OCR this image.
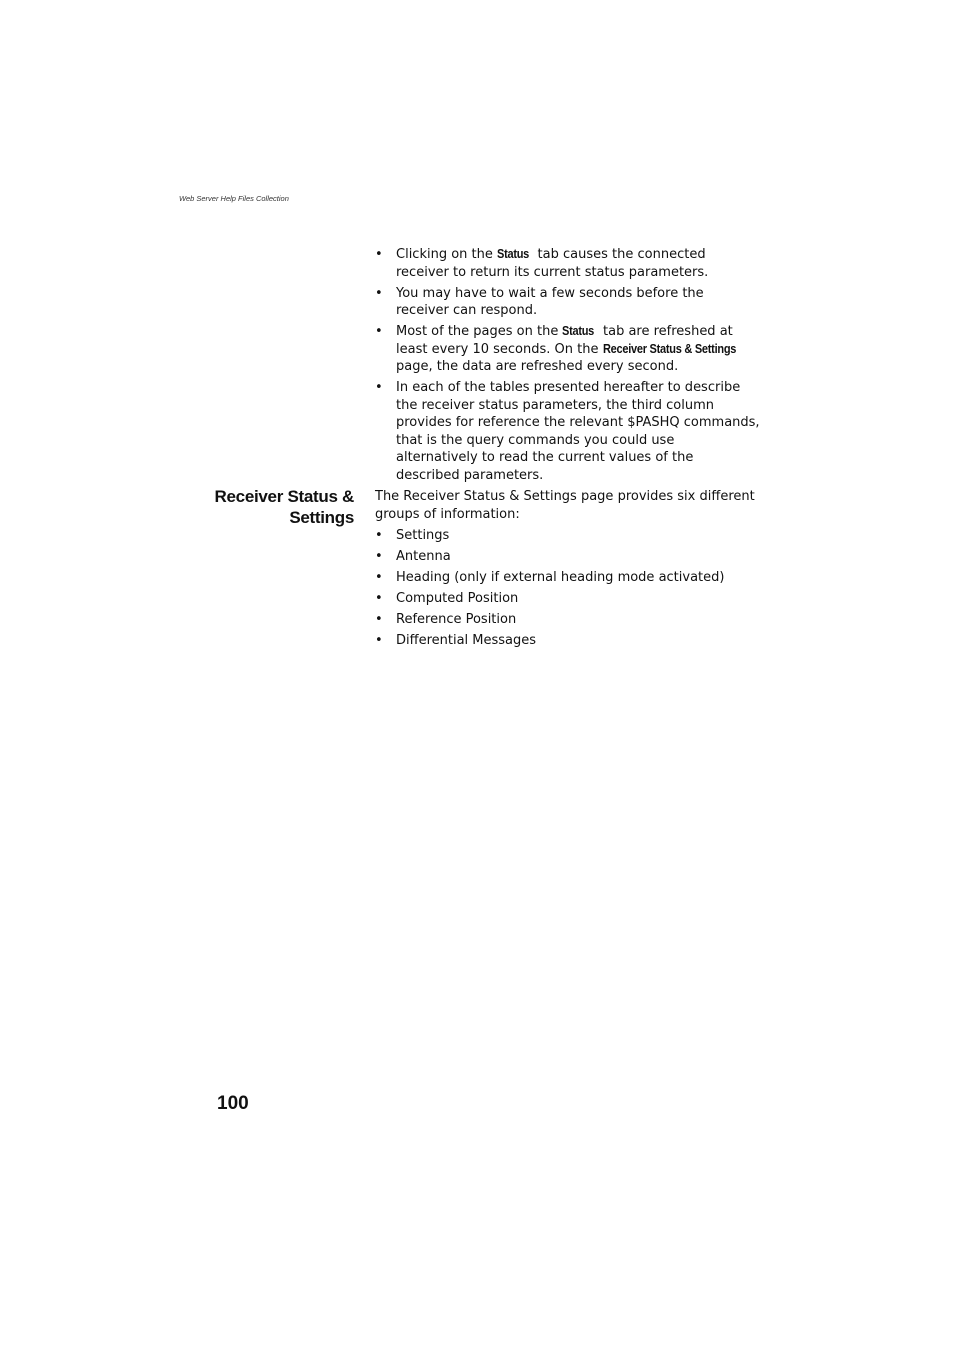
Web Server Help Files Collection
• Clicking on the Status tab causes the connected receiver to return its current status parameters.
• You may have to wait a few seconds before the receiver can respond.
• Most of the pages on the Status tab are refreshed at least every 10 seconds. On the Receiver Status & Settings page, the data are refreshed every second.
• In each of the tables presented hereafter to describe the receiver status parameters, the third column provides for reference the relevant $PASHQ commands, that is the query commands you could use alternatively to read the current values of the described parameters.
Receiver Status &
Settings

The Receiver Status & Settings page provides six different groups of information:

• Settings
• Antenna
• Heading (only if external heading mode activated)
• Computed Position
• Reference Position
• Differential Messages
100
